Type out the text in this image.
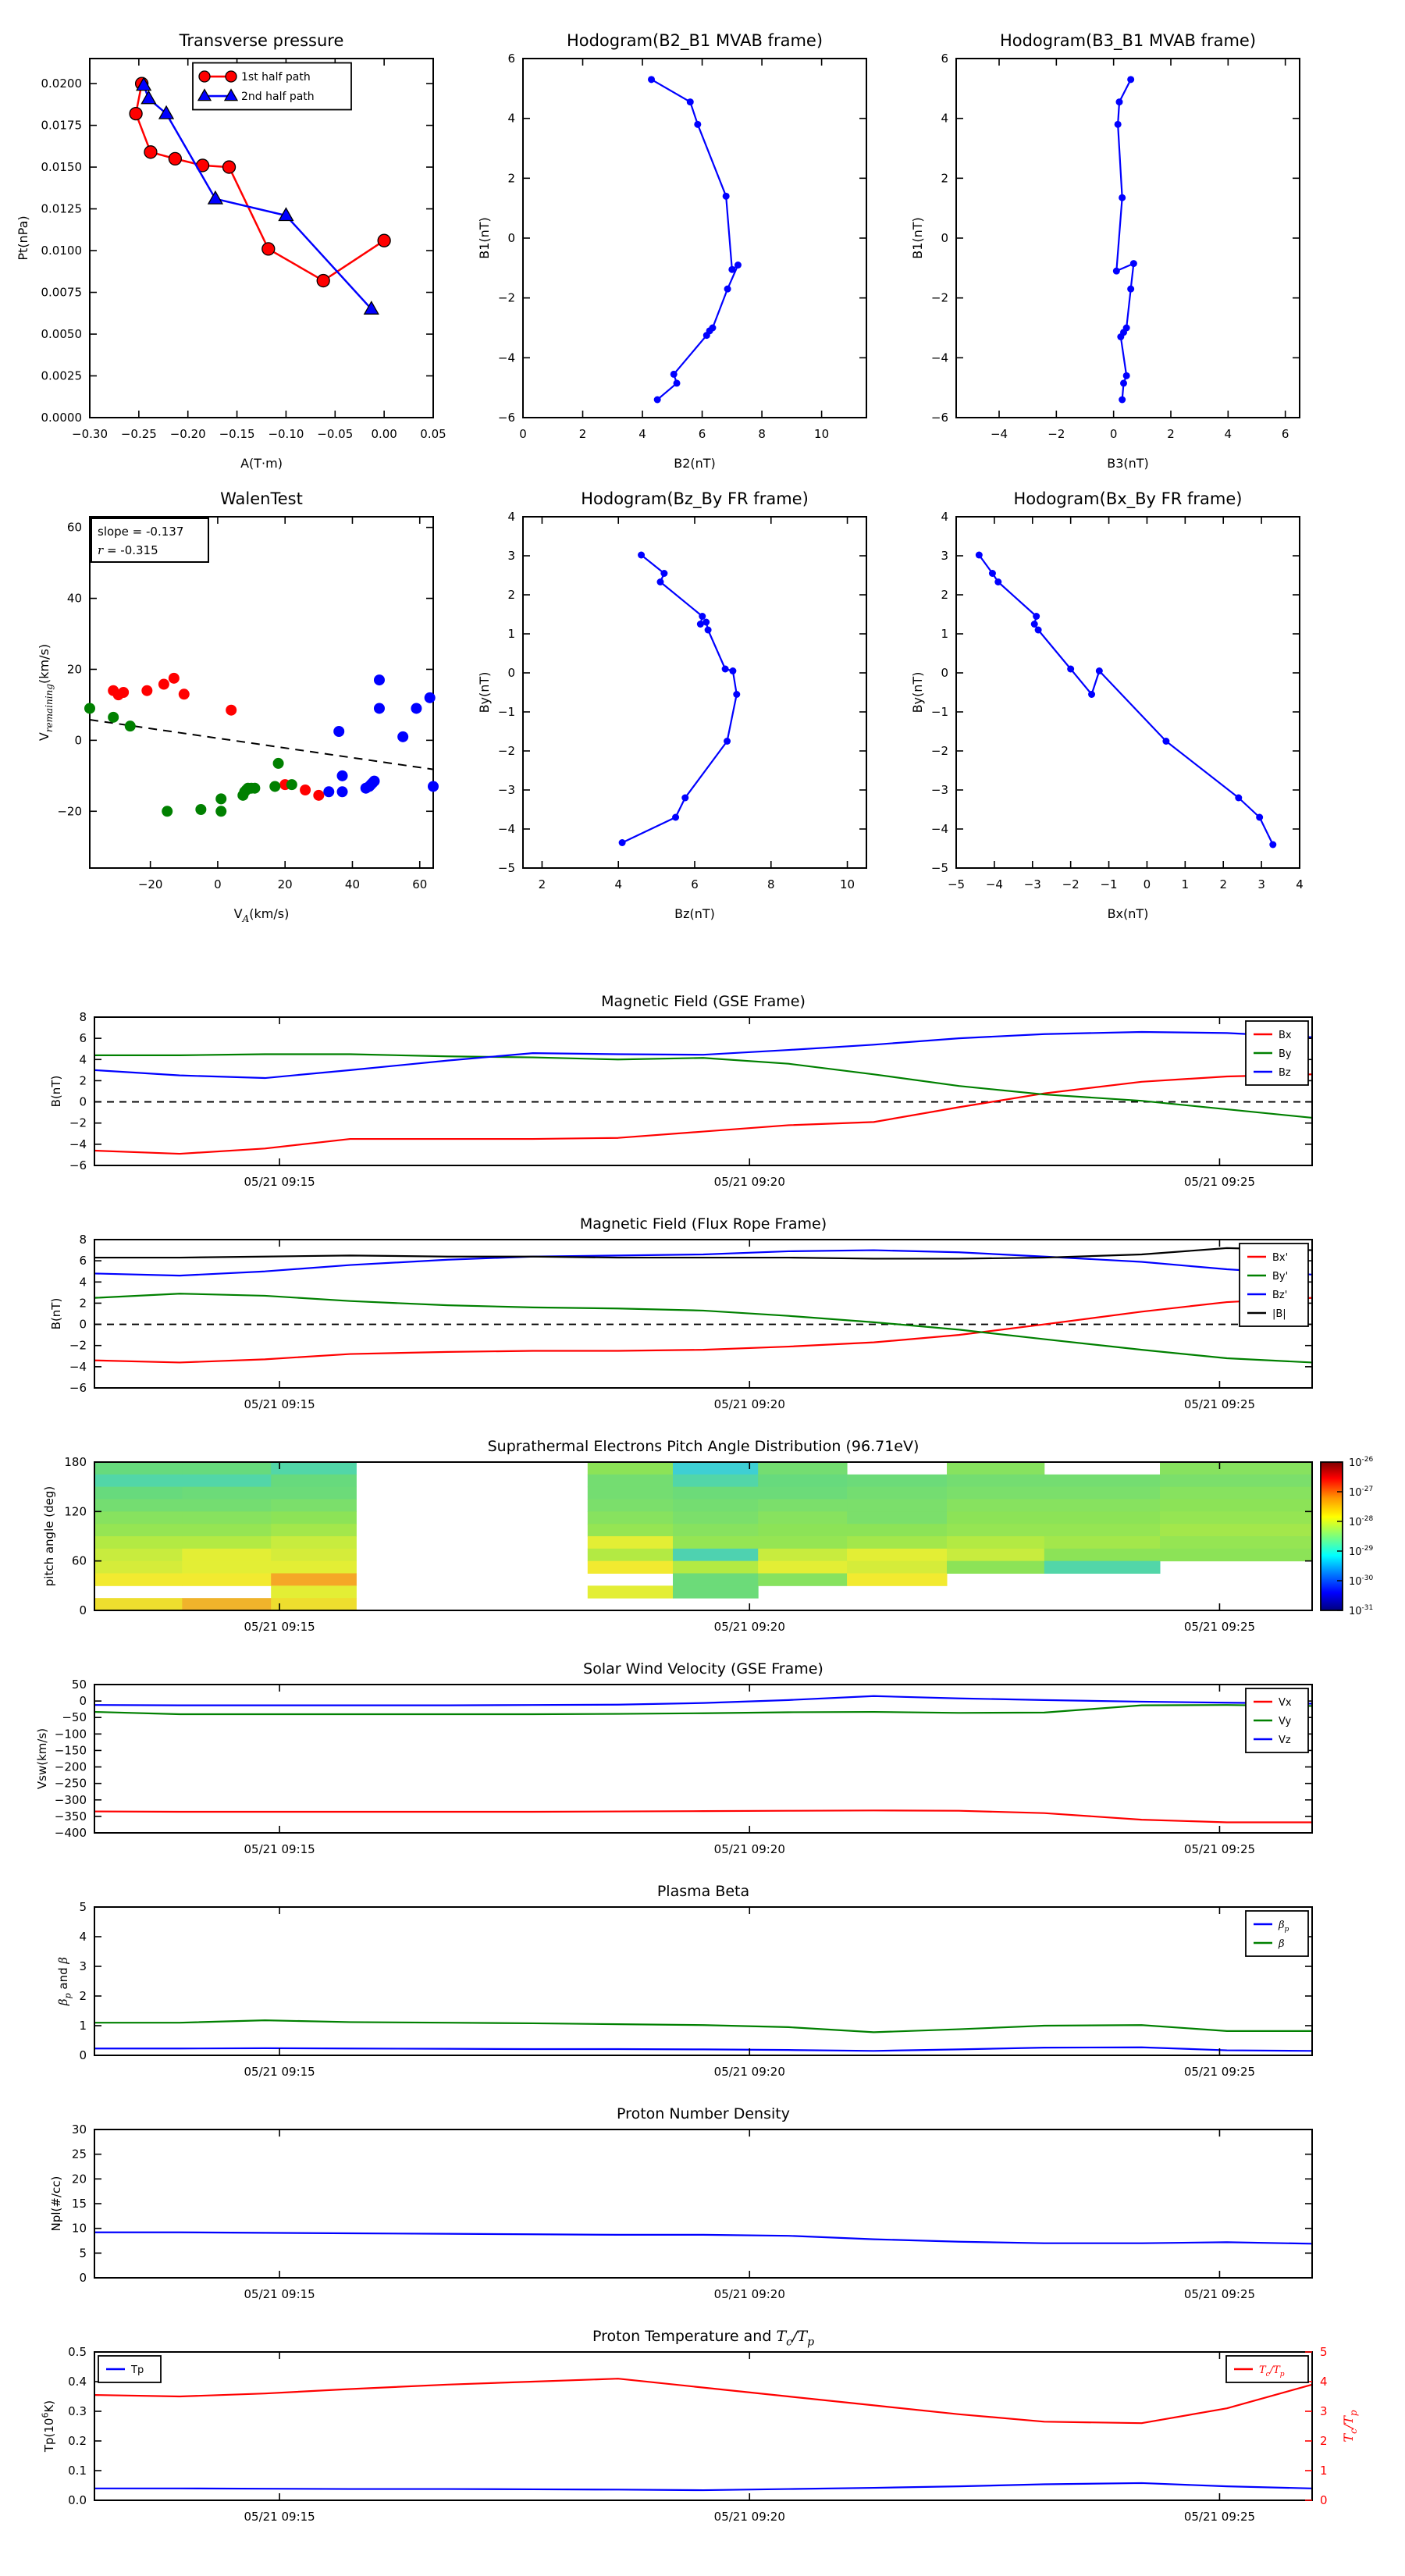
−0.30 −0.25 −0.20 −0.15 −0.10 −0.05 0.00 0.05
0.0000
0.0025
0.0050
0.0075
0.0100
0.0125
0.0150
0.0175
0.0200
Transverse pressure
A(T·m)
Pt(nPa)
1st half path
2nd half path
0	2	4	6	8	10
−6
−4
−2
0
2
4
6
Hodogram(B2_B1 MVAB frame)
B2(nT)
B1(nT)
−4	−2	0	2	4	6
−6
−4
−2
0
2
4
6
Hodogram(B3_B1 MVAB frame)
B3(nT)
B1(nT)
−20	0	20	40	60
−20
0
20
40
60
WalenTest
$V_A(km/s)$
$V_{remaining}(km/s)$
slope = -0.137
r = -0.315
2	4	6	8	10
−5
−4
−3
−2
−1
0
1
2
3
4
Hodogram(Bz_By FR frame)
Bz(nT)
By(nT)
−5 −4 −3 −2 −1 0	1	2	3	4
−5
−4
−3
−2
−1
0
1
2
3
4
Hodogram(Bx_By FR frame)
Bx(nT)
By(nT)
05/21 09:15	05/21 09:20	05/21 09:25
−6
−4
−2
0
2
4
6
8
Magnetic Field (GSE Frame)
B(nT)
Bx
By
Bz
05/21 09:15	05/21 09:20	05/21 09:25
−6
−4
−2
0
2
4
6
8
Magnetic Field (Flux Rope Frame)
B(nT)
Bx'
By'
Bz'
|B|
05/21 09:15	05/21 09:20	05/21 09:25
0
60
120
180
Suprathermal Electrons Pitch Angle Distribution (96.71eV)
pitch angle (deg)
$10^{-26}$
$10^{-27}$
$10^{-28}$
$10^{-29}$
$10^{-30}$
$10^{-31}$
05/21 09:15	05/21 09:20	05/21 09:25
50
0
−50
−100
−150
−200
−250
−300
−350
−400
Solar Wind Velocity (GSE Frame)
Vsw(km/s)
Vx
Vy
Vz
05/21 09:15	05/21 09:20	05/21 09:25
0
1
2
3
4
5
Plasma Beta
$\beta_p$ and β
$\beta_p$
β
05/21 09:15	05/21 09:20	05/21 09:25
0
5
10
15
20
25
30
Proton Number Density
Npl(#/cc)
05/21 09:15	05/21 09:20	05/21 09:25
0.0
0.1
0.2
0.3
0.4
0.5
0
1
2
3
4
5
$T_c/T_p$
Proton Temperature and $T_c/T_p$
$Tp(10^6K)$
Tp	$T_c/T_p$
